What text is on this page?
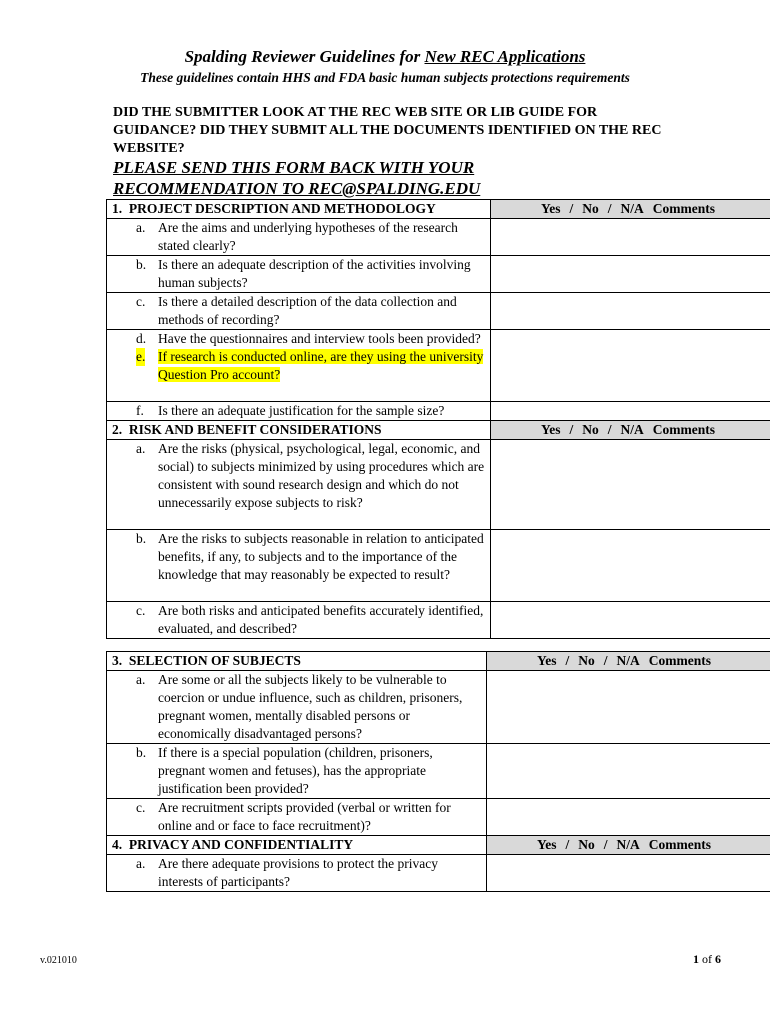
Spalding Reviewer Guidelines for New REC Applications
These guidelines contain HHS and FDA basic human subjects protections requirements
DID THE SUBMITTER LOOK AT THE REC WEB SITE OR LIB GUIDE FOR GUIDANCE? DID THEY SUBMIT ALL THE DOCUMENTS IDENTIFIED ON THE REC WEBSITE?
PLEASE SEND THIS FORM BACK WITH YOUR RECOMMENDATION TO REC@SPALDING.EDU
1. PROJECT DESCRIPTION AND METHODOLOGY	Yes / No / N/A Comments

a. Are the aims and underlying hypotheses of the research stated clearly?	

b. Is there an adequate description of the activities involving human subjects?	

c. Is there a detailed description of the data collection and methods of recording?	

d. Have the questionnaires and interview tools been provided?
e. If research is conducted online, are they using the university Question Pro account?	

f. Is there an adequate justification for the sample size?	

2. RISK AND BENEFIT CONSIDERATIONS	Yes / No / N/A Comments

a. Are the risks (physical, psychological, legal, economic, and social) to subjects minimized by using procedures which are consistent with sound research design and which do not unnecessarily expose subjects to risk?	

b. Are the risks to subjects reasonable in relation to anticipated benefits, if any, to subjects and to the importance of the knowledge that may reasonably be expected to result?	

c. Are both risks and anticipated benefits accurately identified, evaluated, and described?	

3. SELECTION OF SUBJECTS	Yes / No / N/A Comments

a. Are some or all the subjects likely to be vulnerable to coercion or undue influence, such as children, prisoners, pregnant women, mentally disabled persons or economically disadvantaged persons?	

b. If there is a special population (children, prisoners, pregnant women and fetuses), has the appropriate justification been provided?	

c. Are recruitment scripts provided (verbal or written for online and or face to face recruitment)?	

4. PRIVACY AND CONFIDENTIALITY	Yes / No / N/A Comments

a. Are there adequate provisions to protect the privacy interests of participants?	

v.021010	1 of 6
